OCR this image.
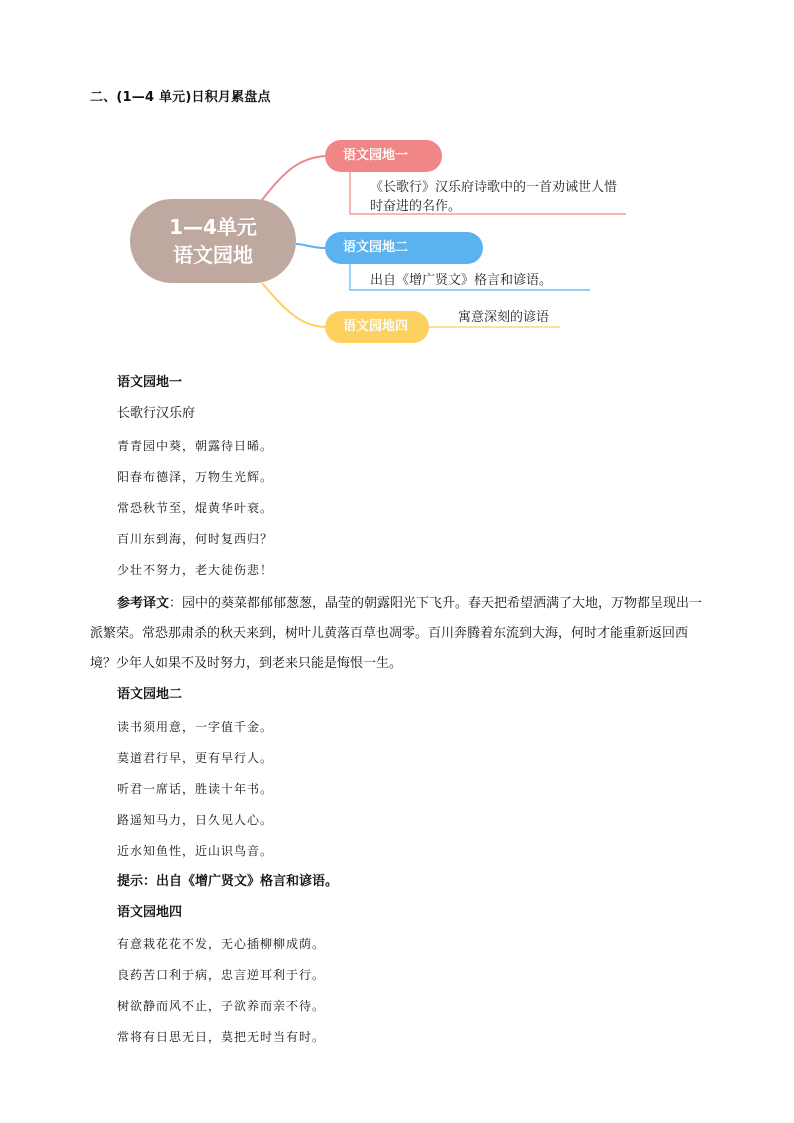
二、(1—4 单元)日积月累盘点
1—4单元
语文园地
语文园地一
语文园地二
语文园地四
《长歌行》汉乐府诗歌中的一首劝诫世人惜时奋进的名作。
出自《增广贤文》格言和谚语。
寓意深刻的谚语
语文园地一
长歌行汉乐府
青青园中葵，朝露待日晞。
阳春布德泽，万物生光辉。
常恐秋节至，焜黄华叶衰。
百川东到海，何时复西归？
少壮不努力，老大徒伤悲！
参考译文：园中的葵菜都郁郁葱葱，晶莹的朝露阳光下飞升。春天把希望洒满了大地，万物都呈现出一派繁荣。常恐那肃杀的秋天来到，树叶儿黄落百草也凋零。百川奔腾着东流到大海，何时才能重新返回西境？少年人如果不及时努力，到老来只能是悔恨一生。
语文园地二
读书须用意，一字值千金。
莫道君行早，更有早行人。
听君一席话，胜读十年书。
路遥知马力，日久见人心。
近水知鱼性，近山识鸟音。
提示：出自《增广贤文》格言和谚语。
语文园地四
有意栽花花不发，无心插柳柳成荫。
良药苦口利于病，忠言逆耳利于行。
树欲静而风不止，子欲养而亲不待。
常将有日思无日，莫把无时当有时。
